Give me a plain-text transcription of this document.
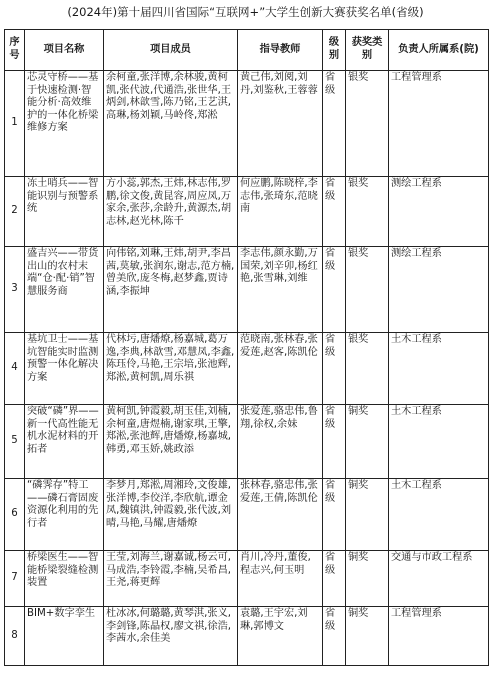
(2024年)第十届四川省国际“互联网+”大学生创新大赛获奖名单(省级)
序号	项目名称	项目成员	指导教师	级别	获奖类别	负责人所属系(院)
1	芯灵守桥——基于快速检测·智能分析·高效维护的一体化桥梁维修方案	余柯童,张洋博,余林骏,黄柯凯,张代波,代通浩,张世华,王炳剑,林歆雪,陈乃铭,王艺淇,高琳,杨刘颖,马岭佟,郑淞	黄己伟,刘阅,刘丹,刘鉴秋,王蓉蓉	省级	银奖	工程管理系
2	冻土哨兵——智能识别与预警系统	方小蕊,郭杰,王炜,林志伟,罗鹏,徐文俊,黄昆容,周应凤,万家余,张莎,余龄升,黄源杰,胡志林,赵光林,陈千	何应鹏,陈晓梓,李志伟,张琦东,范晓南	省级	银奖	测绘工程系
3	盛吉兴——带货出山的农村末端“仓·配·销”智慧服务商	向伟铭,刘琳,王炜,胡尹,李昌茜,莫敏,张润东,谢志,范方楠,曾美欣,庞冬梅,赵梦鑫,贾诗涵,李振坤	李志伟,颜永勤,万国荣,刘辛卯,杨红艳,张雪琳,刘维	省级	银奖	测绘工程系
4	基坑卫士——基坑智能实时监测预警一体化解决方案	代林圬,唐燔燎,杨嘉城,葛万逸,李典,林歆雪,邓慧凤,李鑫,陈珏伶,马艳,王宗培,张池辉,郑淞,黄柯凯,周乐祺	范晓南,张林春,张爱莲,赵客,陈凯伦	省级	银奖	土木工程系
5	突破“磷”界——新一代高性能无机水泥材料的开拓者	黄柯凯,钟霞毅,胡玉佳,刘楠,余柯童,唐煜楠,谢家琪,王擎,郑淞,张池辉,唐燔燎,杨嘉城,韩勇,邓玉娇,姚政添	张爱莲,骆忠伟,鲁翔,徐权,余妹	省级	铜奖	土木工程系
6	“磷霁存”特工——磷石膏固废资源化利用的先行者	李梦月,郑淞,周湘玲,文俊雄,张洋博,李佼洋,李欣航,谭金凤,魏镇洪,钟霞毅,张代波,刘晴,马艳,马耀,唐燔燎	张林春,骆忠伟,张爱莲,王倩,陈凯伦	省级	铜奖	土木工程系
7	桥梁医生——智能桥梁裂缝检测装置	王莹,刘海兰,谢嘉诚,杨云可,马成浩,李铃霞,李楠,吴希昌,王尧,蒋更辉	肖川,冷丹,董俊,程志兴,何玉明	省级	铜奖	交通与市政工程系
8	BIM+数字孪生	杜冰冰,何璐璐,黄琴淇,张义,李剑锋,陈晶权,廖文祺,徐浩,李茜水,余佳美	袁璐,王宇宏,刘琳,郭博文	省级	铜奖	工程管理系
